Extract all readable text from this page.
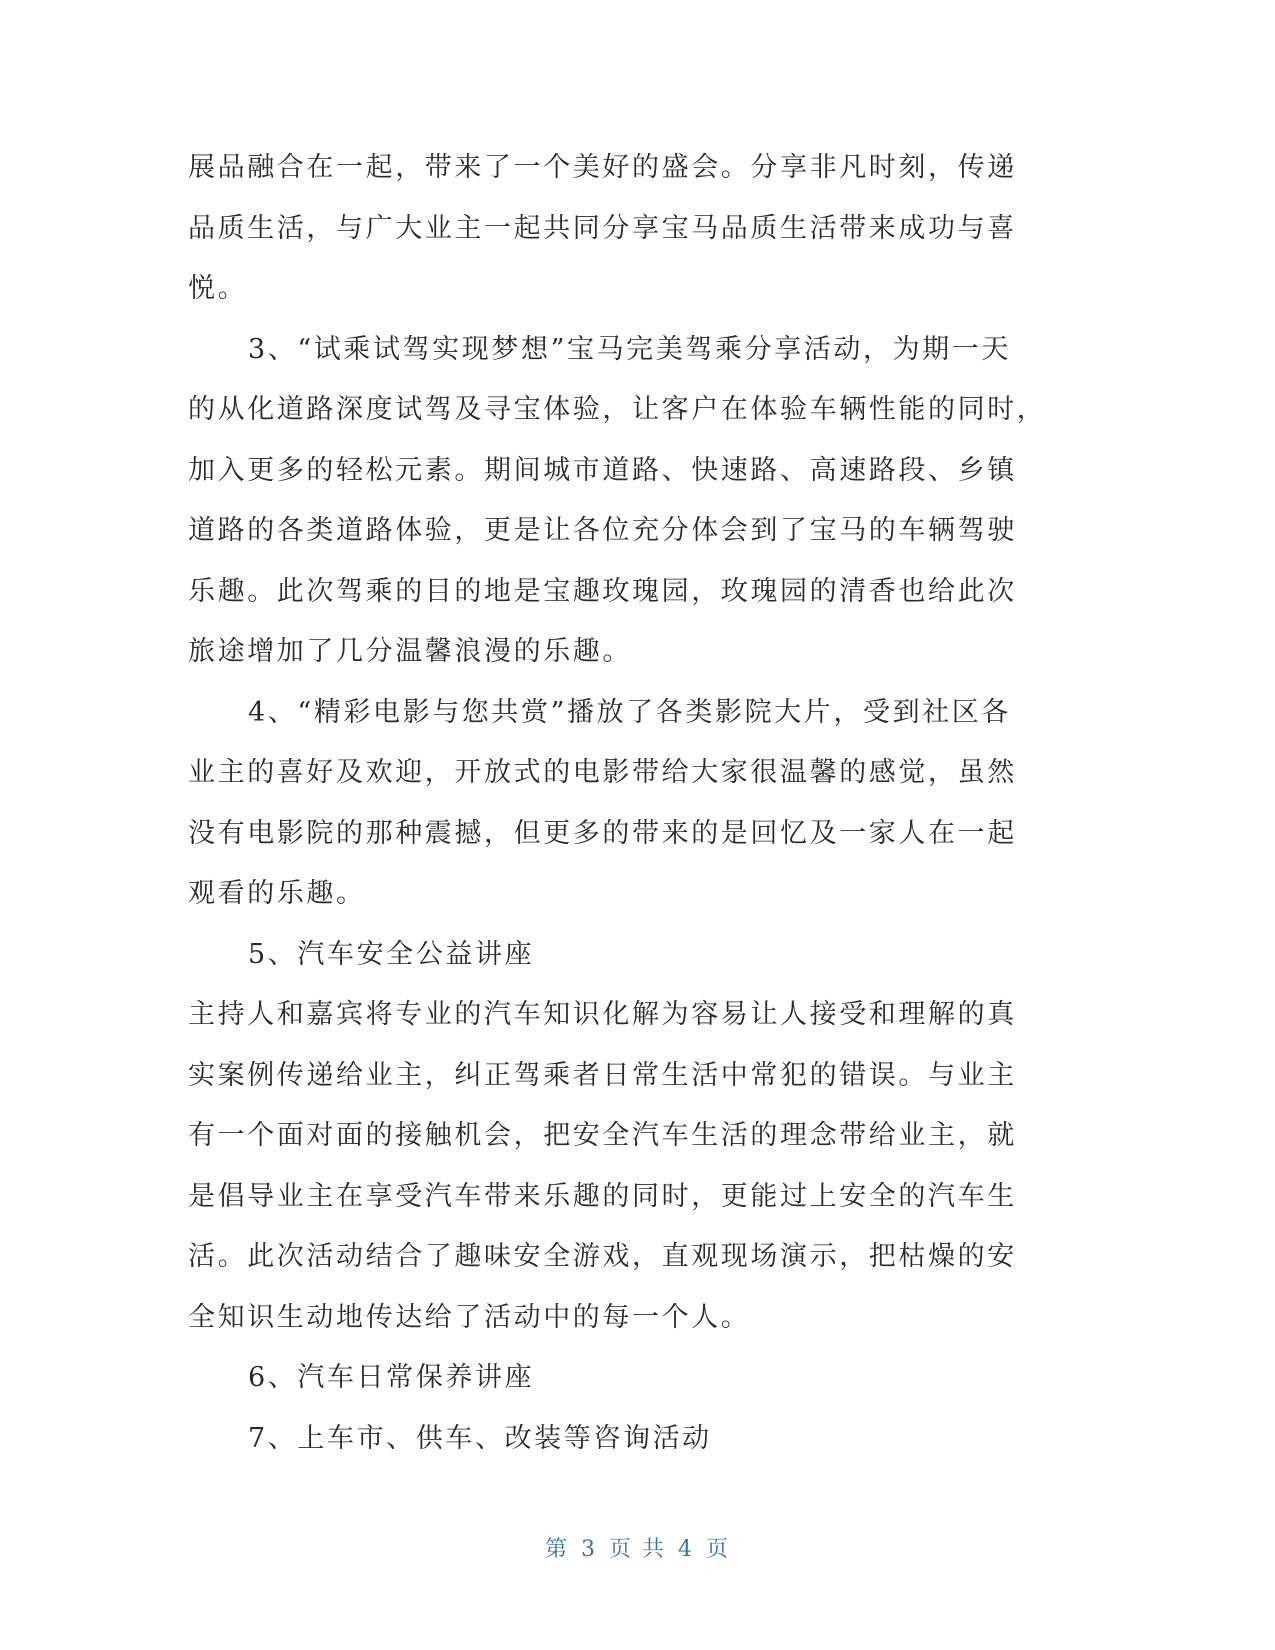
展品融合在一起，带来了一个美好的盛会。分享非凡时刻，传递
品质生活，与广大业主一起共同分享宝马品质生活带来成功与喜
悦。
3、“试乘试驾实现梦想”宝马完美驾乘分享活动，为期一天
的从化道路深度试驾及寻宝体验，让客户在体验车辆性能的同时，
加入更多的轻松元素。期间城市道路、快速路、高速路段、乡镇
道路的各类道路体验，更是让各位充分体会到了宝马的车辆驾驶
乐趣。此次驾乘的目的地是宝趣玫瑰园，玫瑰园的清香也给此次
旅途增加了几分温馨浪漫的乐趣。
4、“精彩电影与您共赏”播放了各类影院大片，受到社区各
业主的喜好及欢迎，开放式的电影带给大家很温馨的感觉，虽然
没有电影院的那种震撼，但更多的带来的是回忆及一家人在一起
观看的乐趣。
5、汽车安全公益讲座
主持人和嘉宾将专业的汽车知识化解为容易让人接受和理解的真
实案例传递给业主，纠正驾乘者日常生活中常犯的错误。与业主
有一个面对面的接触机会，把安全汽车生活的理念带给业主，就
是倡导业主在享受汽车带来乐趣的同时，更能过上安全的汽车生
活。此次活动结合了趣味安全游戏，直观现场演示，把枯燥的安
全知识生动地传达给了活动中的每一个人。
6、汽车日常保养讲座
7、上车市、供车、改装等咨询活动
第 3 页 共 4 页
